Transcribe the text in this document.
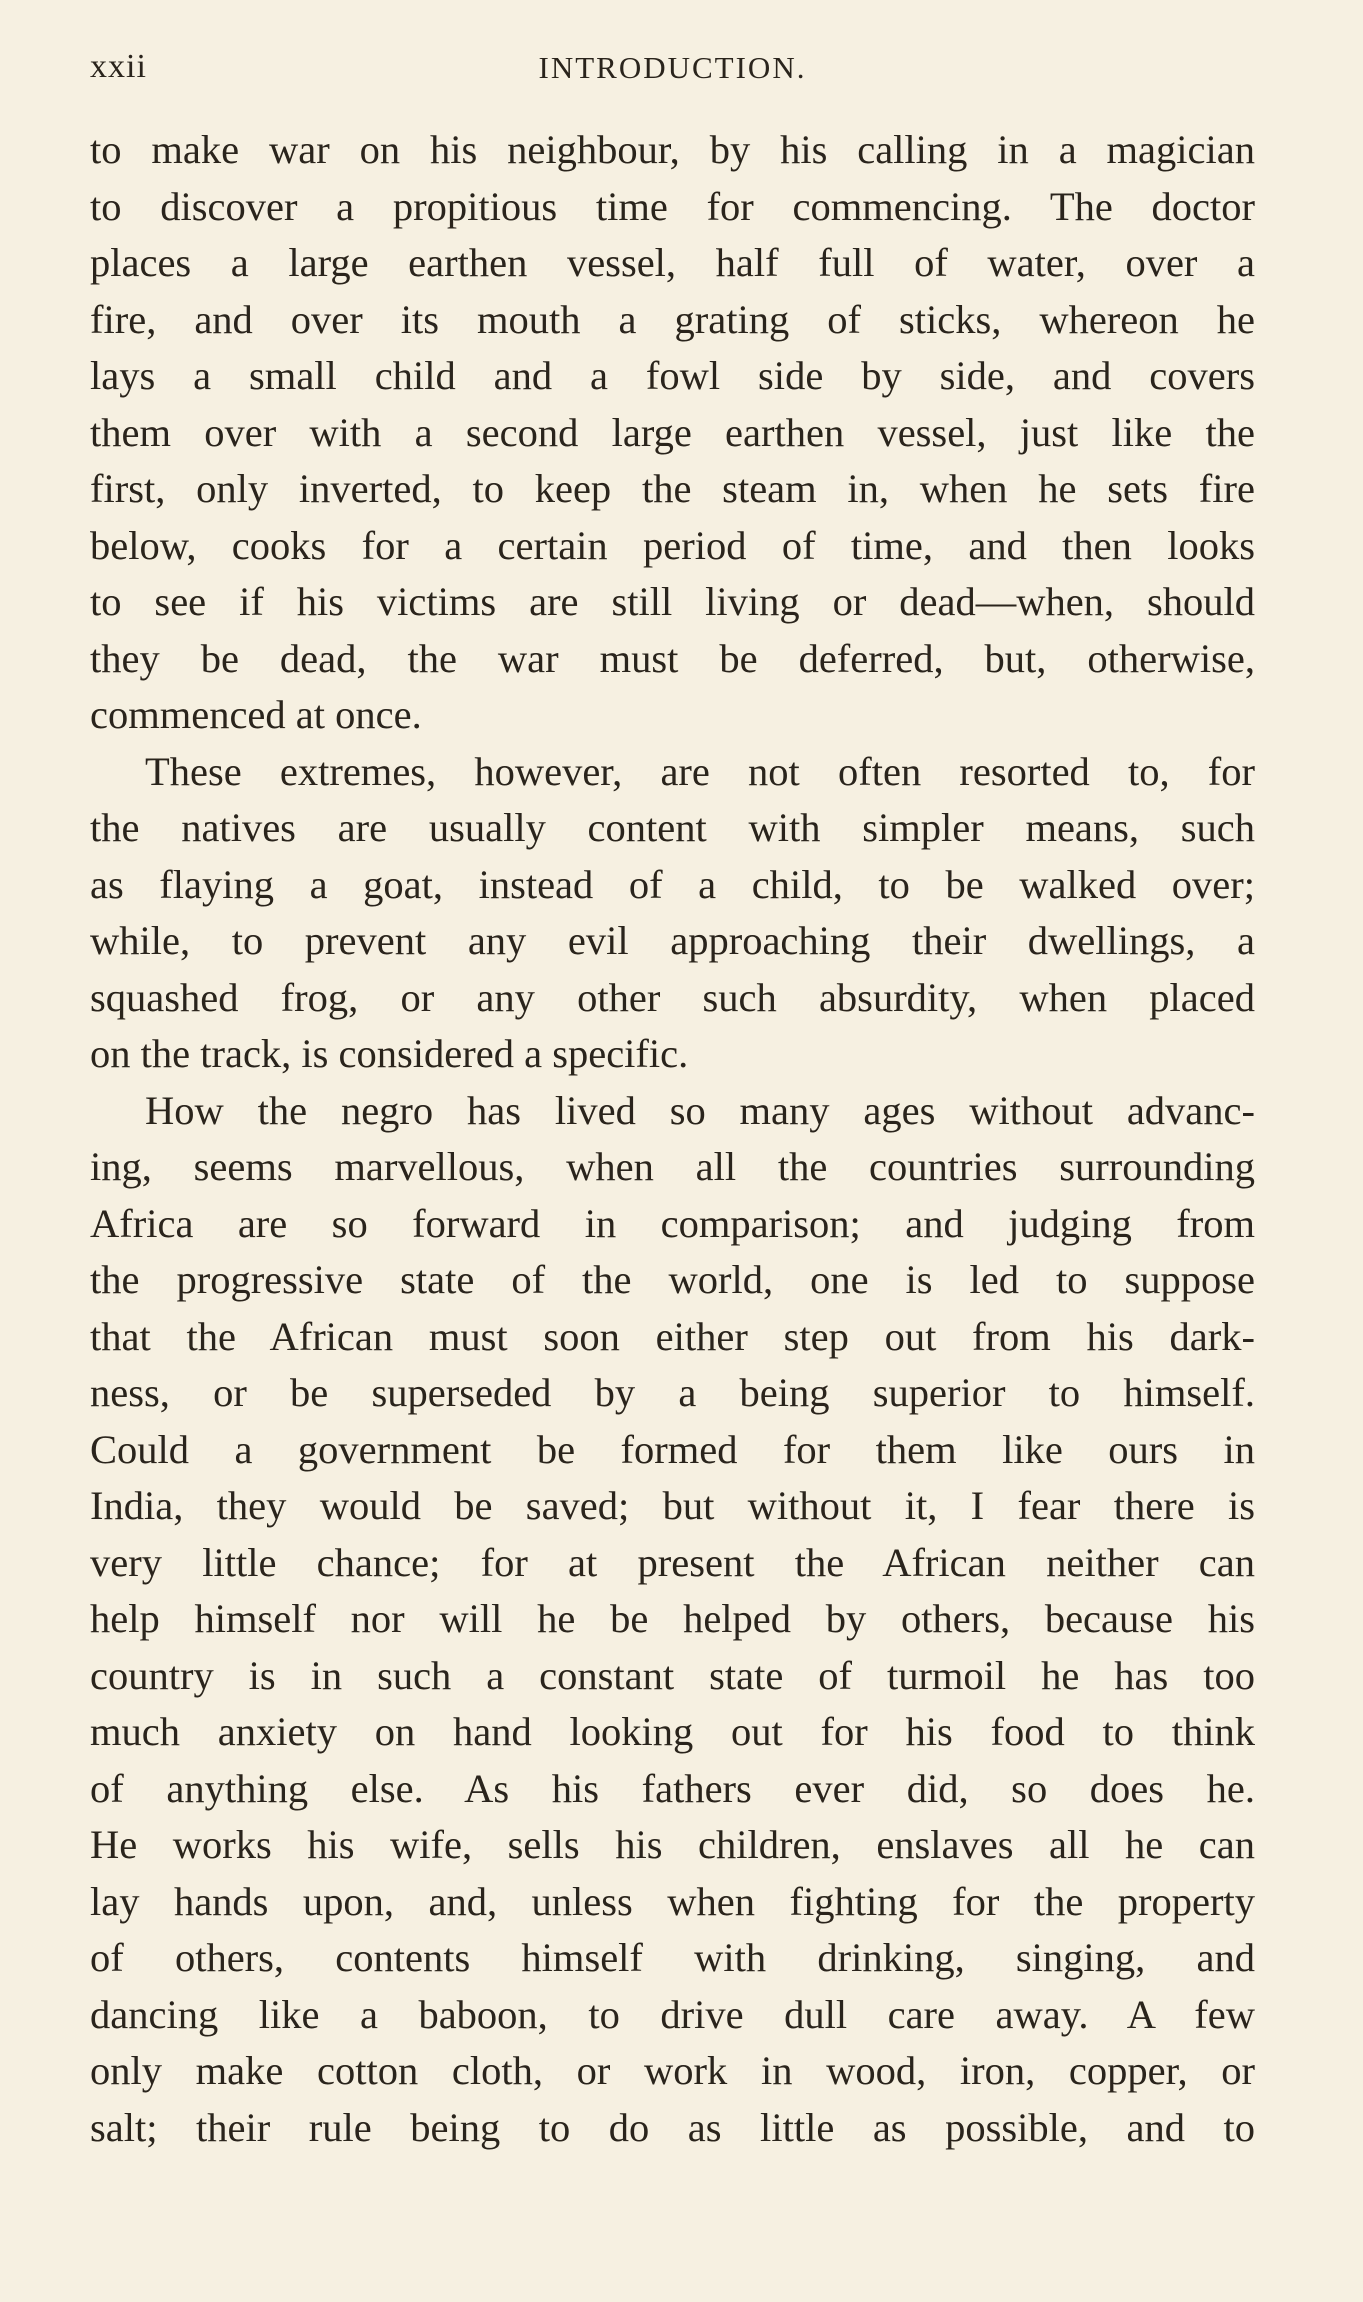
xxii	INTRODUCTION.

to make war on his neighbour, by his calling in a magician
to discover a propitious time for commencing. The doctor
places a large earthen vessel, half full of water, over a
fire, and over its mouth a grating of sticks, whereon he
lays a small child and a fowl side by side, and covers
them over with a second large earthen vessel, just like the
first, only inverted, to keep the steam in, when he sets fire
below, cooks for a certain period of time, and then looks
to see if his victims are still living or dead—when, should
they be dead, the war must be deferred, but, otherwise,
commenced at once.

These extremes, however, are not often resorted to, for
the natives are usually content with simpler means, such
as flaying a goat, instead of a child, to be walked over;
while, to prevent any evil approaching their dwellings, a
squashed frog, or any other such absurdity, when placed
on the track, is considered a specific.

How the negro has lived so many ages without advanc-
ing, seems marvellous, when all the countries surrounding
Africa are so forward in comparison; and judging from
the progressive state of the world, one is led to suppose
that the African must soon either step out from his dark-
ness, or be superseded by a being superior to himself.
Could a government be formed for them like ours in
India, they would be saved; but without it, I fear there is
very little chance; for at present the African neither can
help himself nor will he be helped by others, because his
country is in such a constant state of turmoil he has too
much anxiety on hand looking out for his food to think
of anything else. As his fathers ever did, so does he.
He works his wife, sells his children, enslaves all he can
lay hands upon, and, unless when fighting for the property
of others, contents himself with drinking, singing, and
dancing like a baboon, to drive dull care away. A few
only make cotton cloth, or work in wood, iron, copper, or
salt; their rule being to do as little as possible, and to
